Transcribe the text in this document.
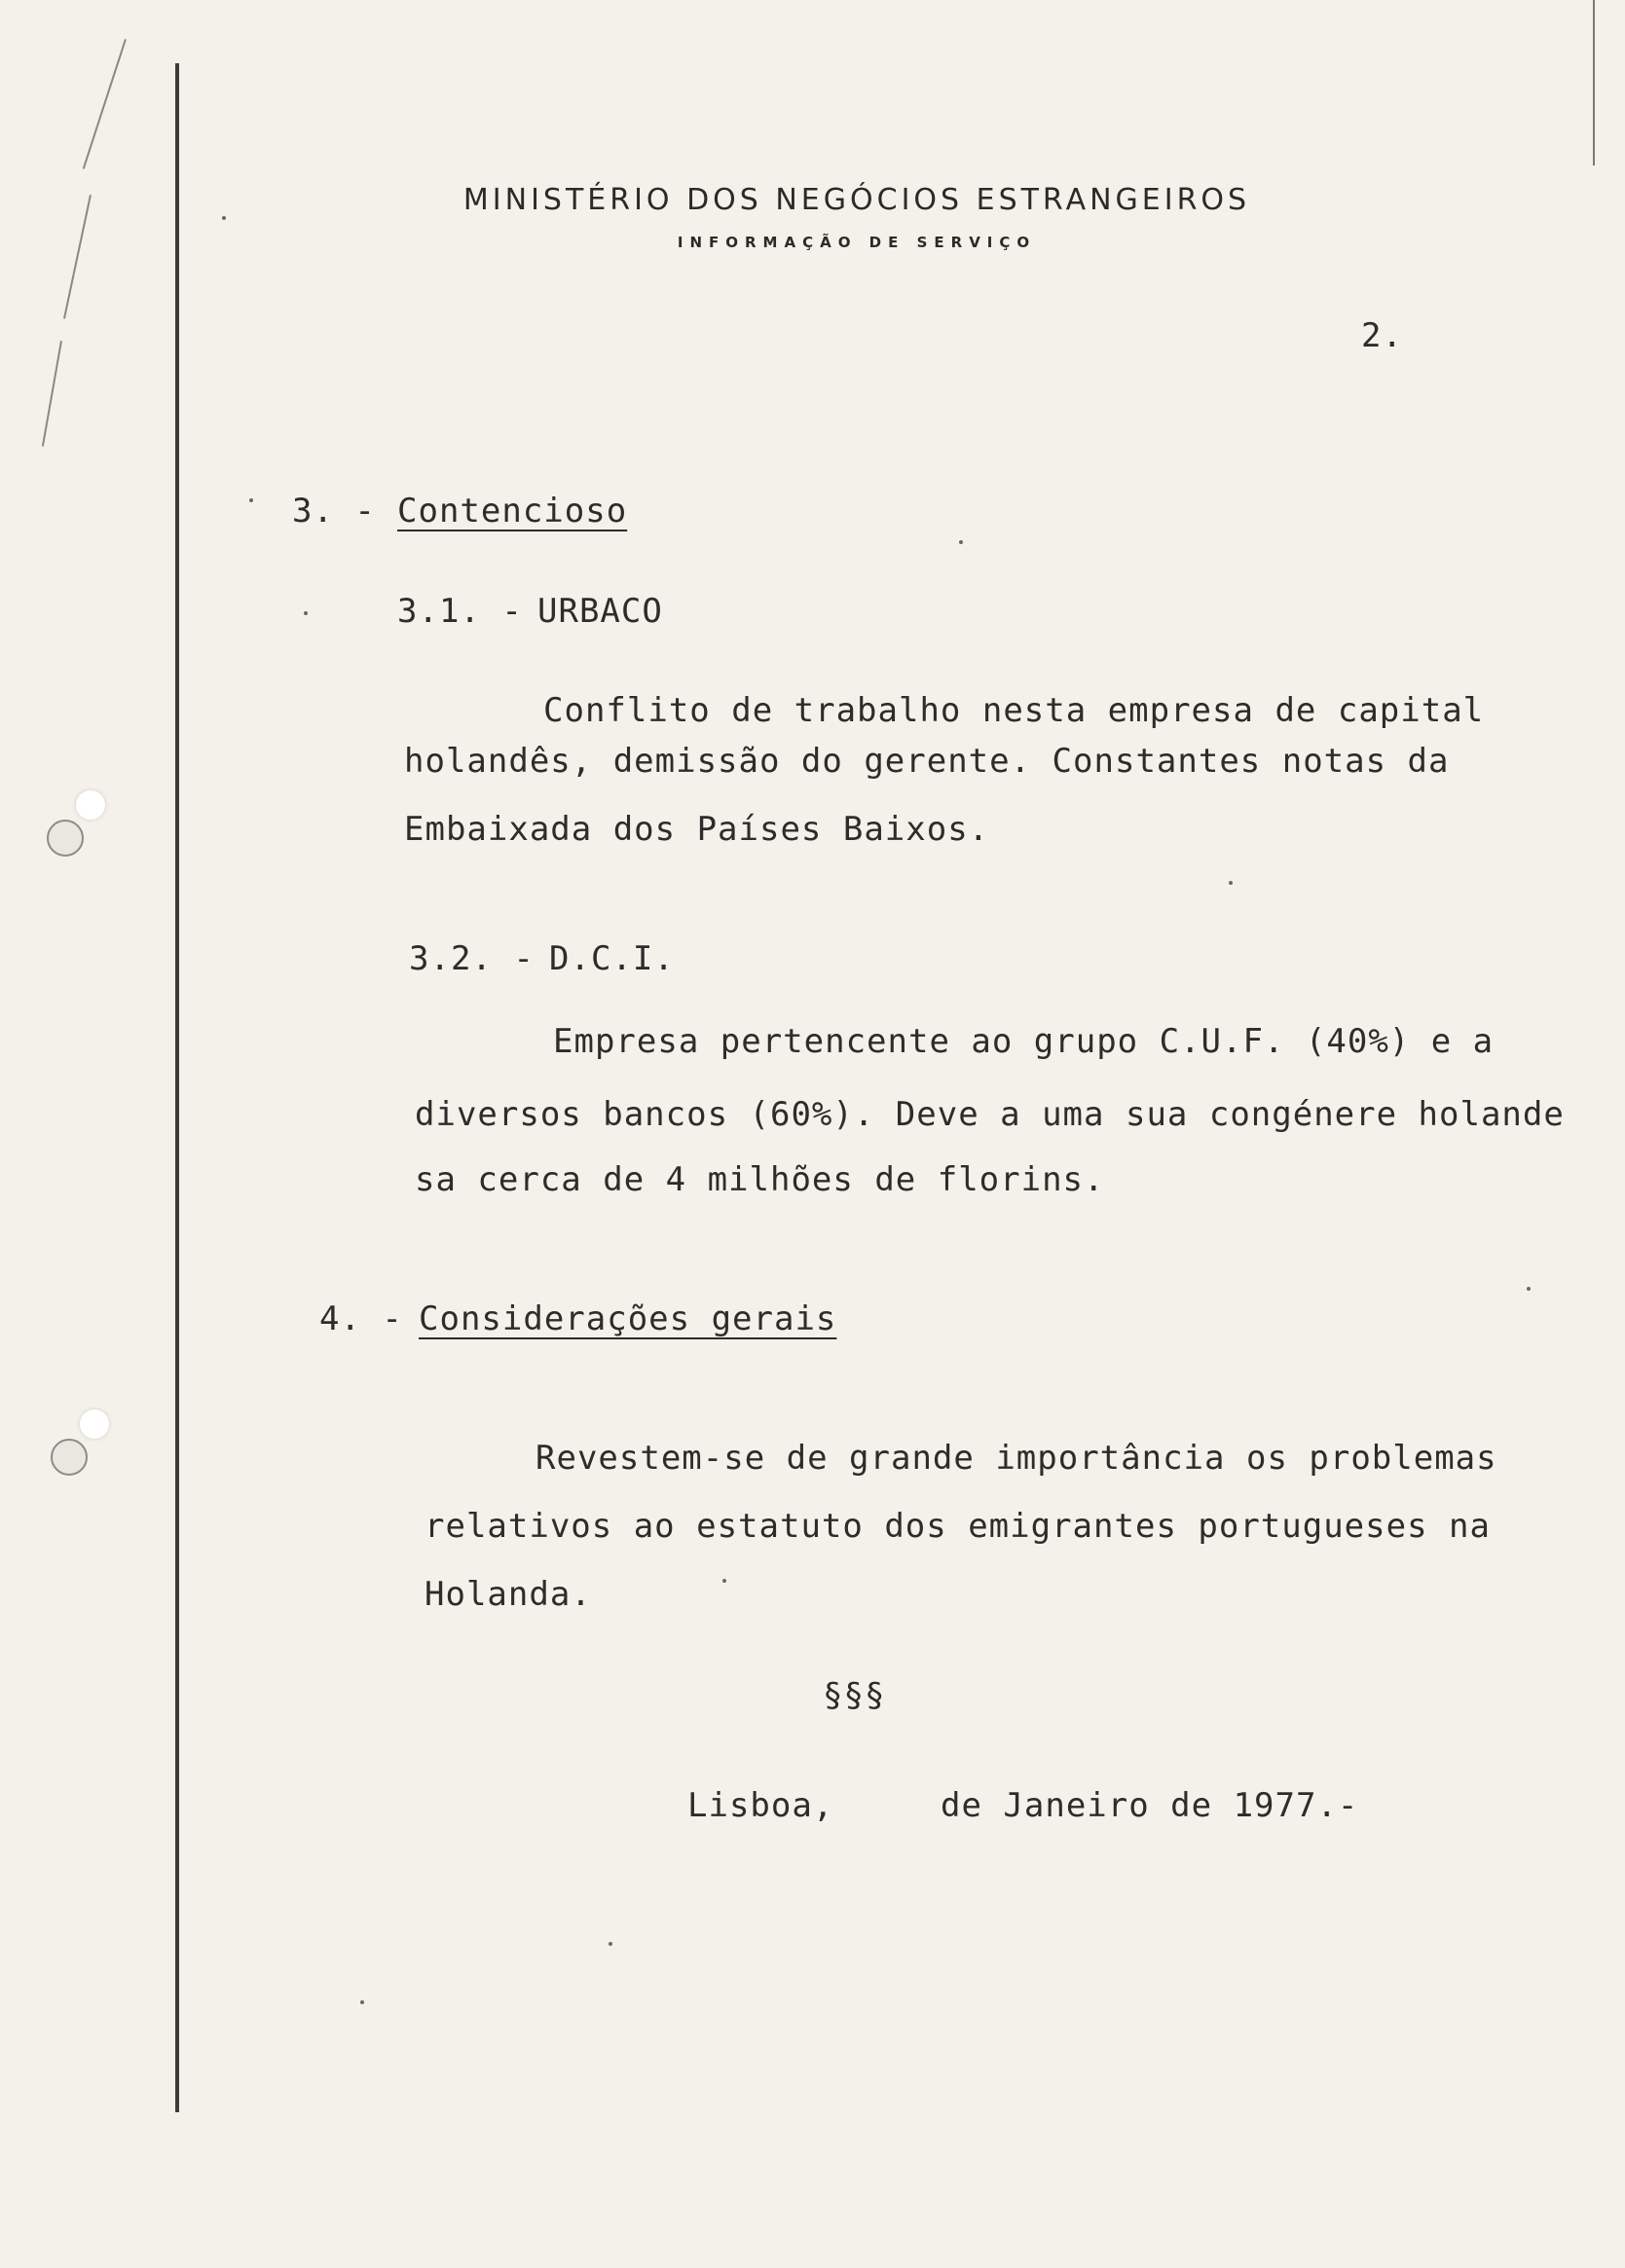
MINISTÉRIO DOS NEGÓCIOS ESTRANGEIROS
INFORMAÇÃO DE SERVIÇO
2.
3. - Contencioso
3.1. - URBACO
Conflito de trabalho nesta empresa de capital
holandês, demissão do gerente. Constantes notas da
Embaixada dos Países Baixos.
3.2. - D.C.I.
Empresa pertencente ao grupo C.U.F. (40%) e a
diversos bancos (60%). Deve a uma sua congénere holande
sa cerca de 4 milhões de florins.
4. - Considerações gerais
Revestem-se de grande importância os problemas
relativos ao estatuto dos emigrantes portugueses na
Holanda.
§§§
Lisboa,	de Janeiro de 1977.-
